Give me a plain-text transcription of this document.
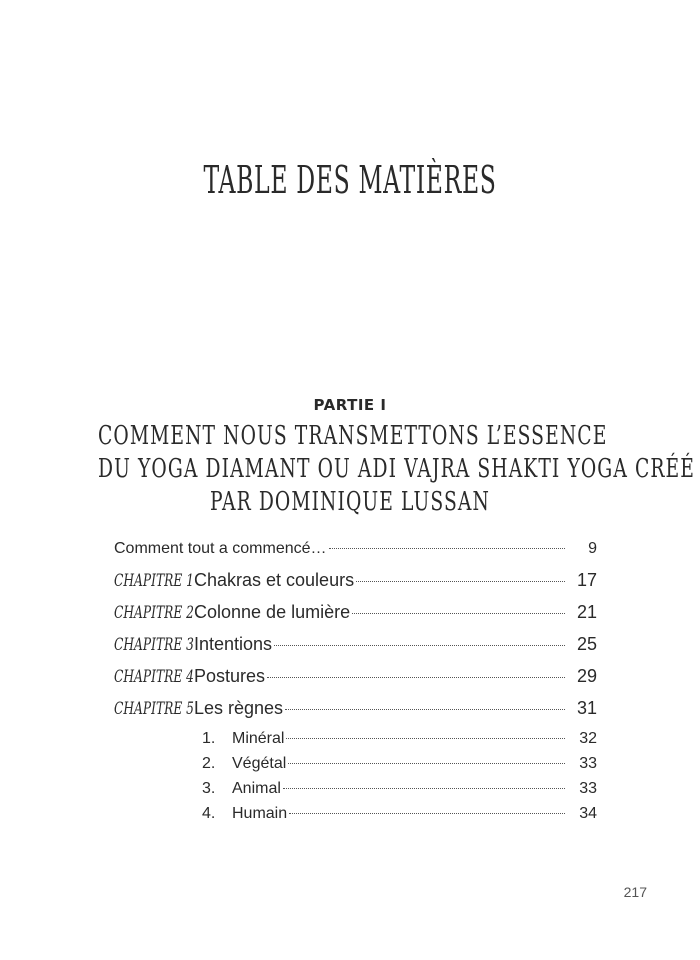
TABLE DES MATIÈRES
PARTIE I
COMMENT NOUS TRANSMETTONS L’ESSENCE
DU YOGA DIAMANT OU ADI VAJRA SHAKTI YOGA CRÉÉ
PAR DOMINIQUE LUSSAN
Comment tout a commencé…	9
CHAPITRE 1 Chakras et couleurs	17
CHAPITRE 2 Colonne de lumière	21
CHAPITRE 3 Intentions	25
CHAPITRE 4 Postures	29
CHAPITRE 5 Les règnes	31
1.	Minéral	32
2.	Végétal	33
3.	Animal	33
4.	Humain	34
217
